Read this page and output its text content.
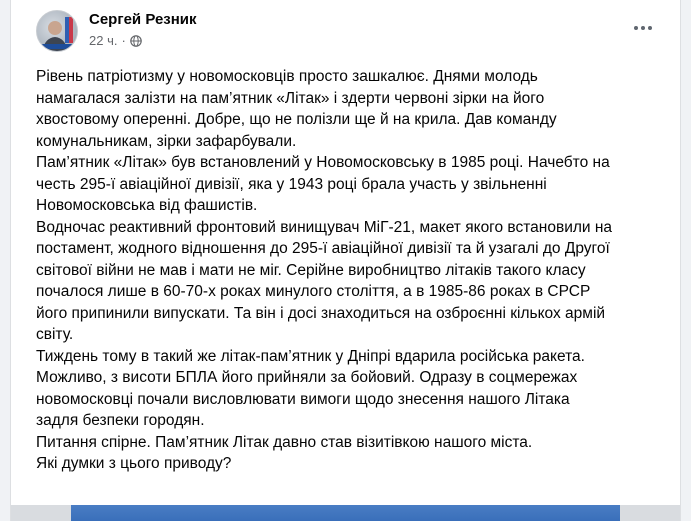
Сергей Резник
22 ч. ·

Рівень патріотизму у новомосковців просто зашкалює. Днями молодь

намагалася залізти на пам’ятник «Літак» і здерти червоні зірки на його

хвостовому оперенні. Добре, що не полізли ще й на крила. Дав команду

комунальникам, зірки зафарбували.

Пам’ятник «Літак» був встановлений у Новомосковську в 1985 році. Начебто на

честь 295-ї авіаційної дивізії, яка у 1943 році брала участь у звільненні

Новомосковська від фашистів.

Водночас реактивний фронтовий винищувач МіГ-21, макет якого встановили на

постамент, жодного відношення до 295-ї авіаційної дивізії та й узагалі до Другої

світової війни не мав і мати не міг. Серійне виробництво літаків такого класу

почалося лише в 60-70-х роках минулого століття, а в 1985-86 роках в СРСР

його припинили випускати. Та він і досі знаходиться на озброєнні кількох армій

світу.

Тиждень тому в такий же літак-пам’ятник у Дніпрі вдарила російська ракета.

Можливо, з висоти БПЛА його прийняли за бойовий. Одразу в соцмережах

новомосковці почали висловлювати вимоги щодо знесення нашого Літака

задля безпеки городян.

Питання спірне. Пам’ятник Літак давно став візитівкою нашого міста.

Які думки з цього приводу?
